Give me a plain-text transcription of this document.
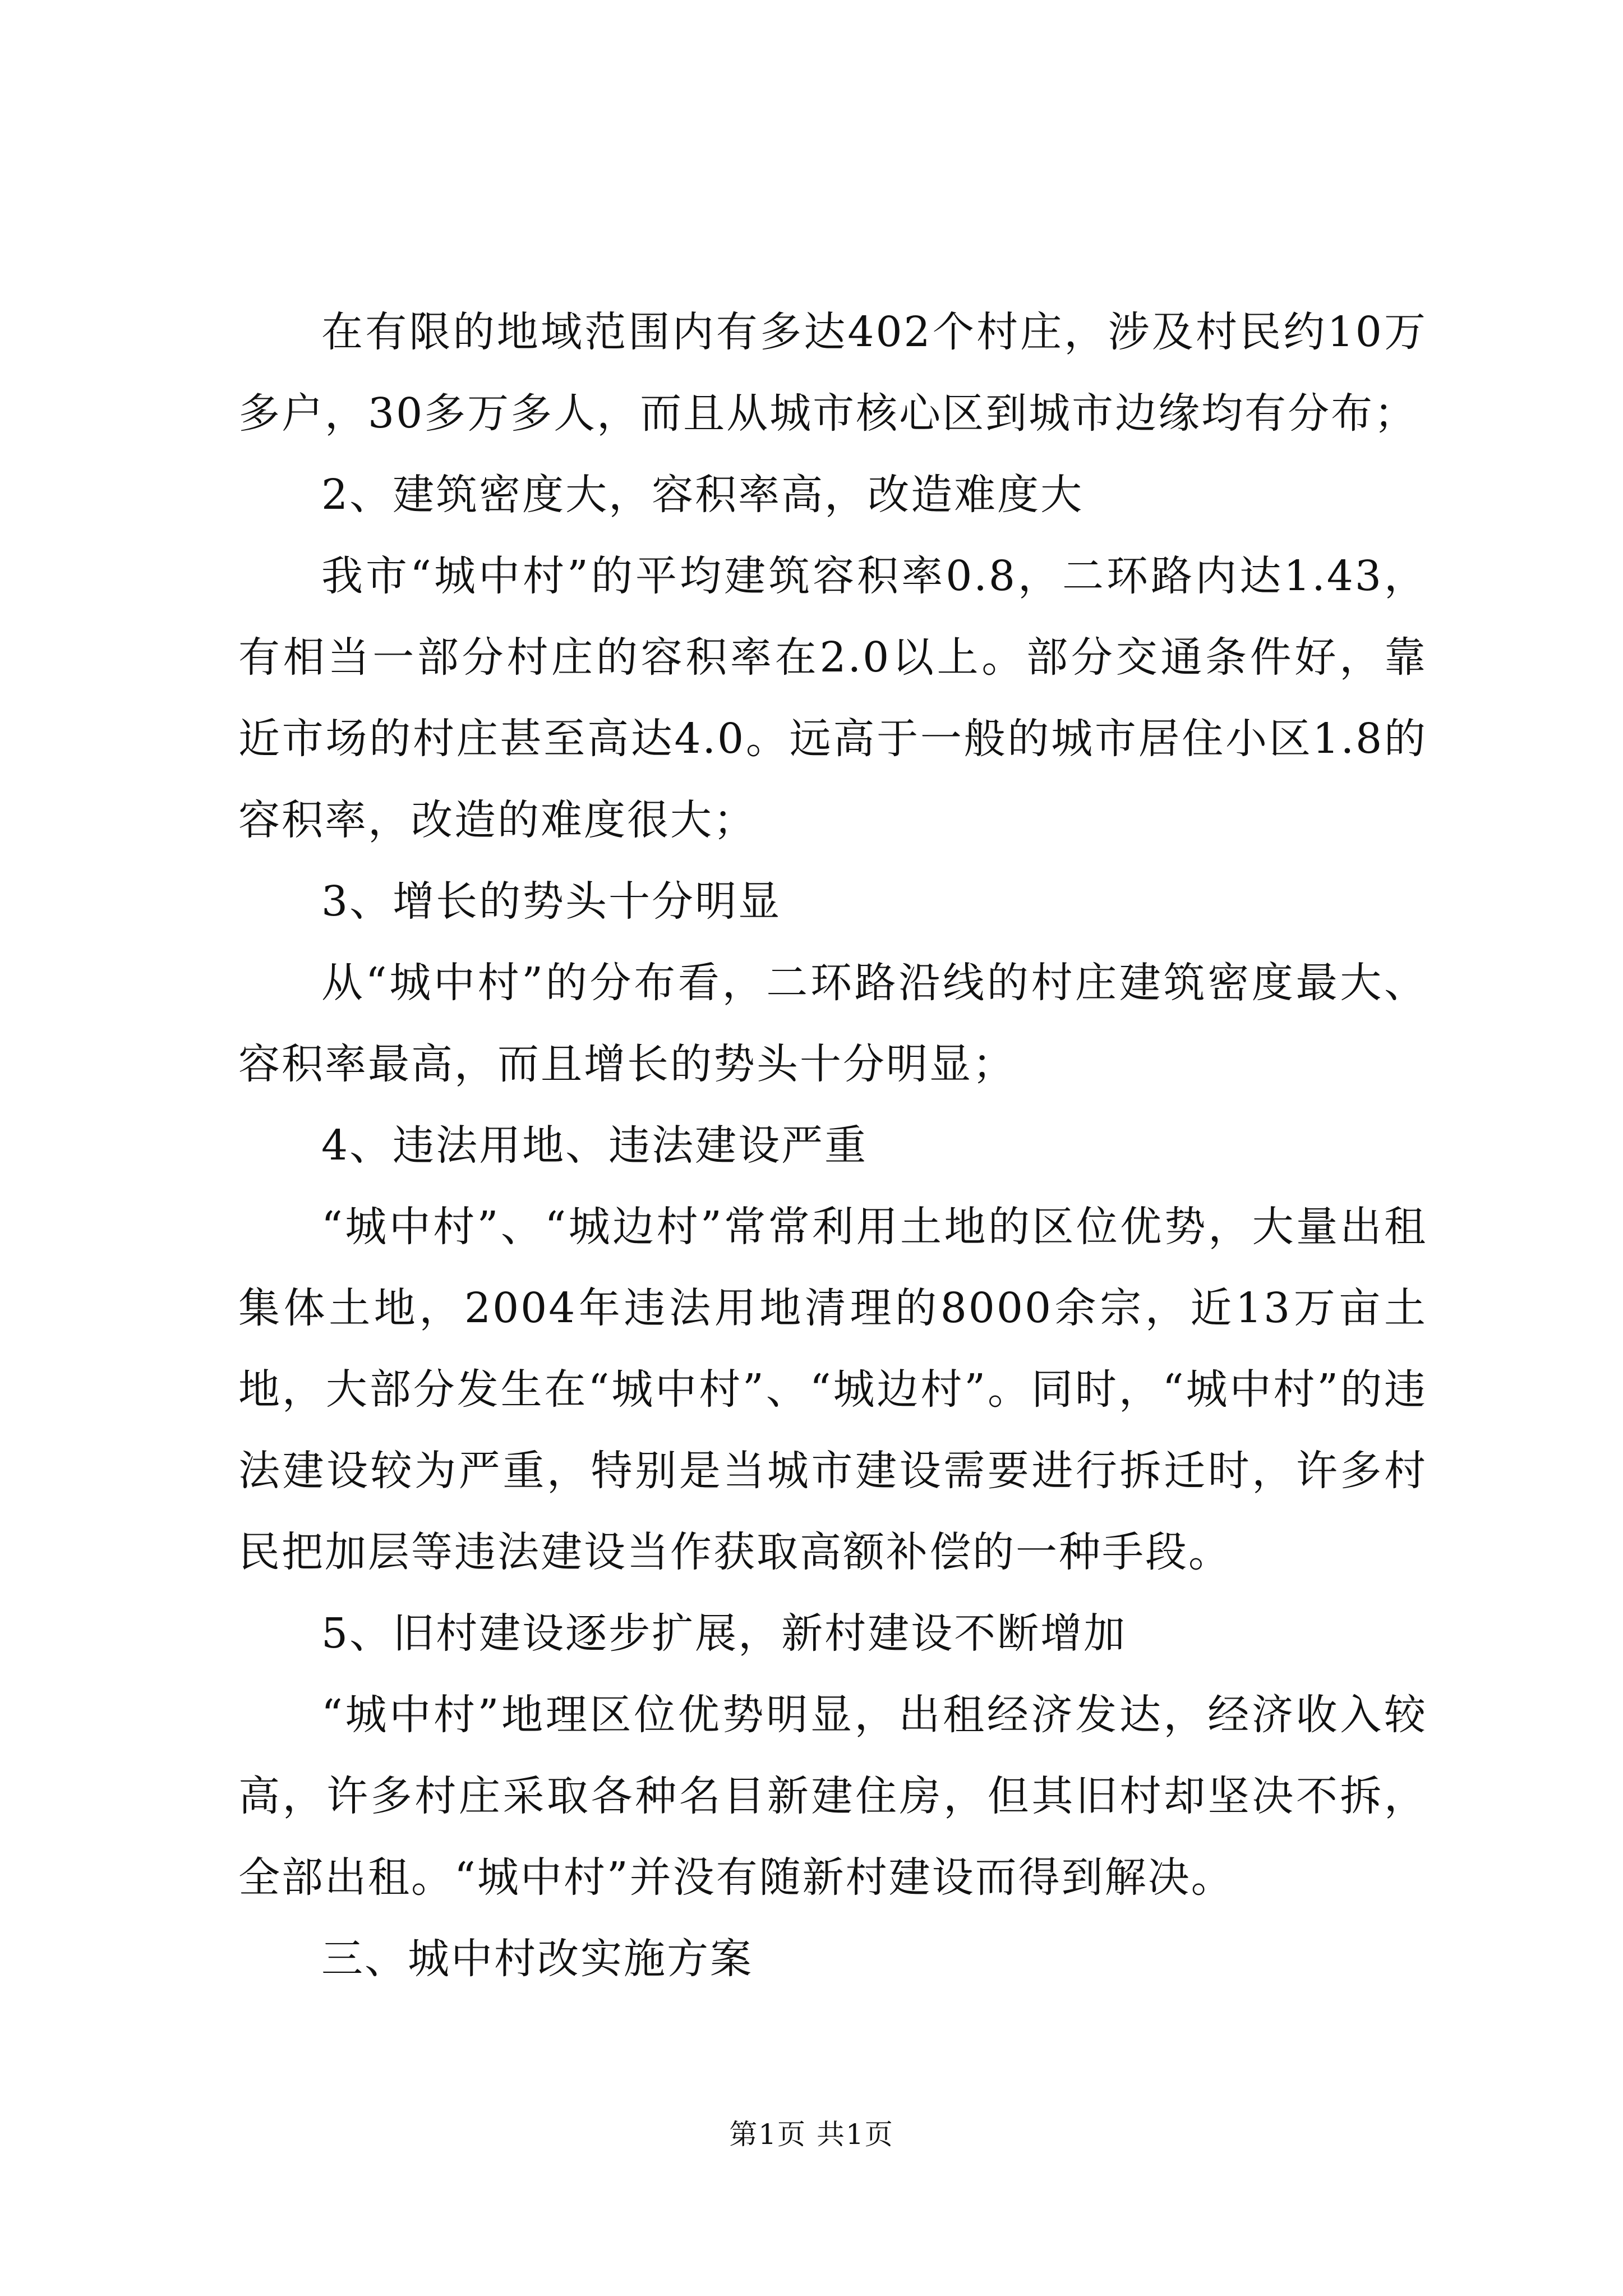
在有限的地域范围内有多达402个村庄，涉及村民约10万多户，30多万多人，而且从城市核心区到城市边缘均有分布；

2、建筑密度大，容积率高，改造难度大

我市“城中村”的平均建筑容积率0.8，二环路内达1.43，有相当一部分村庄的容积率在2.0以上。部分交通条件好，靠近市场的村庄甚至高达4.0。远高于一般的城市居住小区1.8的容积率，改造的难度很大；

3、增长的势头十分明显

从“城中村”的分布看，二环路沿线的村庄建筑密度最大、容积率最高，而且增长的势头十分明显；

4、违法用地、违法建设严重

“城中村”、“城边村”常常利用土地的区位优势，大量出租集体土地，2004年违法用地清理的8000余宗，近13万亩土地，大部分发生在“城中村”、“城边村”。同时，“城中村”的违法建设较为严重，特别是当城市建设需要进行拆迁时，许多村民把加层等违法建设当作获取高额补偿的一种手段。

5、旧村建设逐步扩展，新村建设不断增加

“城中村”地理区位优势明显，出租经济发达，经济收入较高，许多村庄采取各种名目新建住房，但其旧村却坚决不拆，全部出租。“城中村”并没有随新村建设而得到解决。

三、城中村改实施方案

第1页 共1页
